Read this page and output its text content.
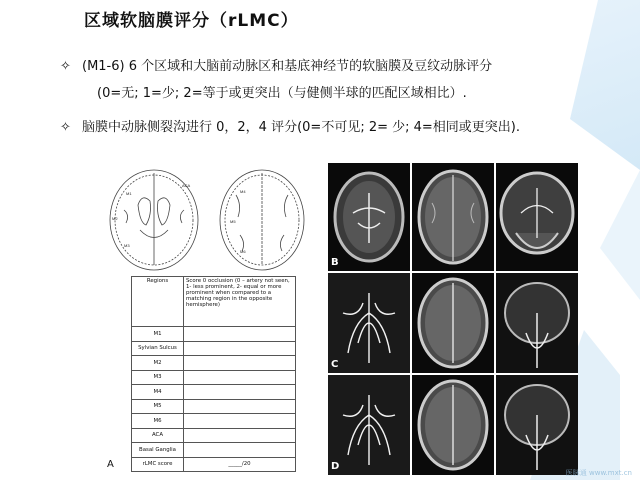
区域软脑膜评分（rLMC）
✧ (M1-6) 6 个区域和大脑前动脉区和基底神经节的软脑膜及豆纹动脉评分
(0=无; 1=少; 2=等于或更突出（与健侧半球的匹配区域相比）.
✧ 脑膜中动脉侧裂沟进行 0，2，4 评分(0=不可见; 2= 少; 4=相同或更突出).
M1
M2
M3
M4
M5
M6
ACA
Regions	Score 0 occlusion (0 – artery not seen, 1- less prominent, 2- equal or more prominent when compared to a matching region in the opposite hemisphere)
M1	
Sylvian Sulcus	
M2	
M3	
M4	
M5	
M6	
ACA	
Basal Ganglia	
rLMC score	_____/20
A
B
C
D
医脉通 www.mxt.cn
